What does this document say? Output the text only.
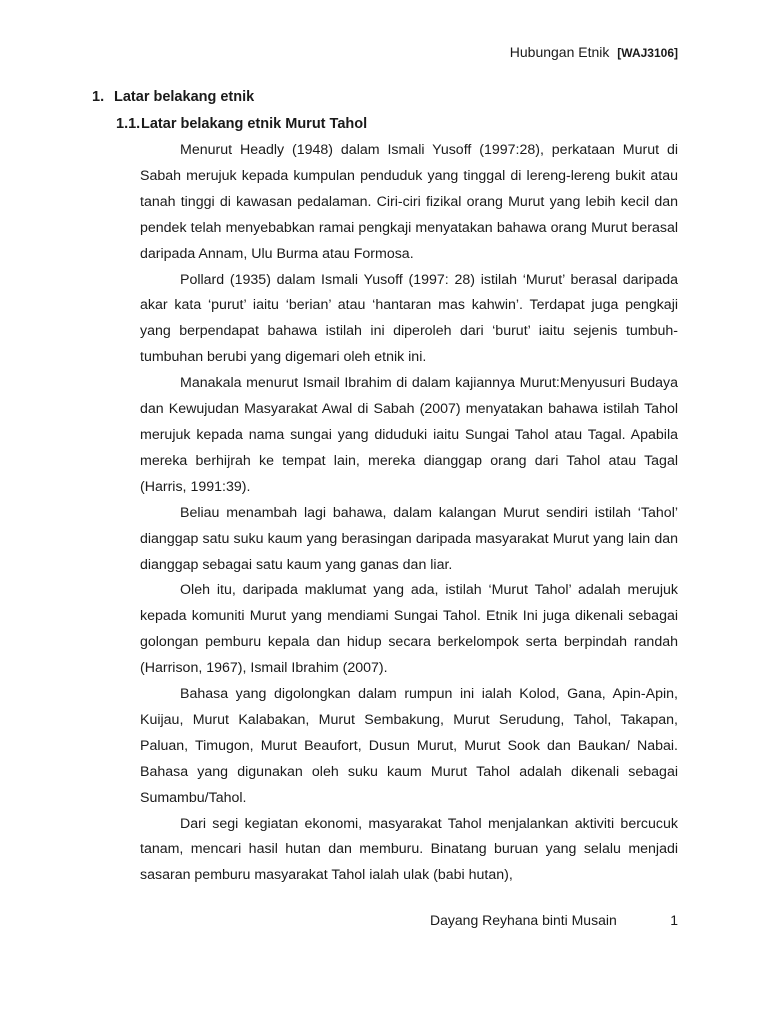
Hubungan Etnik [WAJ3106]
1. Latar belakang etnik
1.1.Latar belakang etnik Murut Tahol

Menurut Headly (1948) dalam Ismali Yusoff (1997:28), perkataan Murut di Sabah merujuk kepada kumpulan penduduk yang tinggal di lereng-lereng bukit atau tanah tinggi di kawasan pedalaman. Ciri-ciri fizikal orang Murut yang lebih kecil dan pendek telah menyebabkan ramai pengkaji menyatakan bahawa orang Murut berasal daripada Annam, Ulu Burma atau Formosa.

Pollard (1935) dalam Ismali Yusoff (1997: 28) istilah ‘Murut’ berasal daripada akar kata ‘purut’ iaitu ‘berian’ atau ‘hantaran mas kahwin’. Terdapat juga pengkaji yang berpendapat bahawa istilah ini diperoleh dari ‘burut’ iaitu sejenis tumbuh-tumbuhan berubi yang digemari oleh etnik ini.

Manakala menurut Ismail Ibrahim di dalam kajiannya Murut:Menyusuri Budaya dan Kewujudan Masyarakat Awal di Sabah (2007) menyatakan bahawa istilah Tahol merujuk kepada nama sungai yang diduduki iaitu Sungai Tahol atau Tagal. Apabila mereka berhijrah ke tempat lain, mereka dianggap orang dari Tahol atau Tagal (Harris, 1991:39).

Beliau menambah lagi bahawa, dalam kalangan Murut sendiri istilah ‘Tahol’ dianggap satu suku kaum yang berasingan daripada masyarakat Murut yang lain dan dianggap sebagai satu kaum yang ganas dan liar.

Oleh itu, daripada maklumat yang ada, istilah ‘Murut Tahol’ adalah merujuk kepada komuniti Murut yang mendiami Sungai Tahol. Etnik Ini juga dikenali sebagai golongan pemburu kepala dan hidup secara berkelompok serta berpindah randah (Harrison, 1967), Ismail Ibrahim (2007).

Bahasa yang digolongkan dalam rumpun ini ialah Kolod, Gana, Apin-Apin, Kuijau, Murut Kalabakan, Murut Sembakung, Murut Serudung, Tahol, Takapan, Paluan, Timugon, Murut Beaufort, Dusun Murut, Murut Sook dan Baukan/ Nabai. Bahasa yang digunakan oleh suku kaum Murut Tahol adalah dikenali sebagai Sumambu/Tahol.

Dari segi kegiatan ekonomi, masyarakat Tahol menjalankan aktiviti bercucuk tanam, mencari hasil hutan dan memburu. Binatang buruan yang selalu menjadi sasaran pemburu masyarakat Tahol ialah ulak (babi hutan),

Dayang Reyhana binti Musain	1
